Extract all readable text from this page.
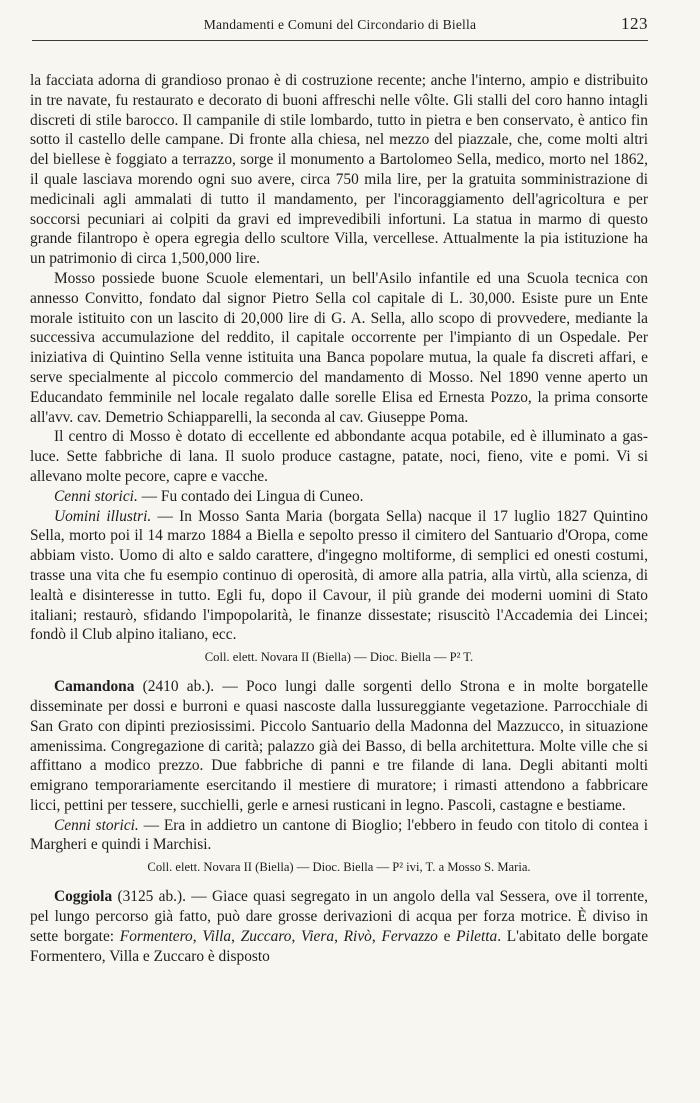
Mandamenti e Comuni del Circondario di Biella	123

la facciata adorna di grandioso pronao è di costruzione recente; anche l'interno, ampio e distribuito in tre navate, fu restaurato e decorato di buoni affreschi nelle vôlte. Gli stalli del coro hanno intagli discreti di stile barocco. Il campanile di stile lombardo, tutto in pietra e ben conservato, è antico fin sotto il castello delle campane. Di fronte alla chiesa, nel mezzo del piazzale, che, come molti altri del biellese è foggiato a terrazzo, sorge il monumento a Bartolomeo Sella, medico, morto nel 1862, il quale lasciava morendo ogni suo avere, circa 750 mila lire, per la gratuita somministrazione di medicinali agli ammalati di tutto il mandamento, per l'incoraggiamento dell'agricoltura e per soccorsi pecuniari ai colpiti da gravi ed imprevedibili infortuni. La statua in marmo di questo grande filantropo è opera egregia dello scultore Villa, vercellese. Attualmente la pia istituzione ha un patrimonio di circa 1,500,000 lire.

Mosso possiede buone Scuole elementari, un bell'Asilo infantile ed una Scuola tecnica con annesso Convitto, fondato dal signor Pietro Sella col capitale di L. 30,000. Esiste pure un Ente morale istituito con un lascito di 20,000 lire di G. A. Sella, allo scopo di provvedere, mediante la successiva accumulazione del reddito, il capitale occorrente per l'impianto di un Ospedale. Per iniziativa di Quintino Sella venne istituita una Banca popolare mutua, la quale fa discreti affari, e serve specialmente al piccolo commercio del mandamento di Mosso. Nel 1890 venne aperto un Educandato femminile nel locale regalato dalle sorelle Elisa ed Ernesta Pozzo, la prima consorte all'avv. cav. Demetrio Schiapparelli, la seconda al cav. Giuseppe Poma.

Il centro di Mosso è dotato di eccellente ed abbondante acqua potabile, ed è illuminato a gas-luce. Sette fabbriche di lana. Il suolo produce castagne, patate, noci, fieno, vite e pomi. Vi si allevano molte pecore, capre e vacche.

Cenni storici. — Fu contado dei Lingua di Cuneo.

Uomini illustri. — In Mosso Santa Maria (borgata Sella) nacque il 17 luglio 1827 Quintino Sella, morto poi il 14 marzo 1884 a Biella e sepolto presso il cimitero del Santuario d'Oropa, come abbiam visto. Uomo di alto e saldo carattere, d'ingegno moltiforme, di semplici ed onesti costumi, trasse una vita che fu esempio continuo di operosità, di amore alla patria, alla virtù, alla scienza, di lealtà e disinteresse in tutto. Egli fu, dopo il Cavour, il più grande dei moderni uomini di Stato italiani; restaurò, sfidando l'impopolarità, le finanze dissestate; risuscitò l'Accademia dei Lincei; fondò il Club alpino italiano, ecc.

Coll. elett. Novara II (Biella) — Dioc. Biella — P² T.

Camandona (2410 ab.). — Poco lungi dalle sorgenti dello Strona e in molte borgatelle disseminate per dossi e burroni e quasi nascoste dalla lussureggiante vegetazione. Parrocchiale di San Grato con dipinti preziosissimi. Piccolo Santuario della Madonna del Mazzucco, in situazione amenissima. Congregazione di carità; palazzo già dei Basso, di bella architettura. Molte ville che si affittano a modico prezzo. Due fabbriche di panni e tre filande di lana. Degli abitanti molti emigrano temporariamente esercitando il mestiere di muratore; i rimasti attendono a fabbricare licci, pettini per tessere, succhielli, gerle e arnesi rusticani in legno. Pascoli, castagne e bestiame.

Cenni storici. — Era in addietro un cantone di Bioglio; l'ebbero in feudo con titolo di contea i Margheri e quindi i Marchisi.

Coll. elett. Novara II (Biella) — Dioc. Biella — P² ivi, T. a Mosso S. Maria.

Coggiola (3125 ab.). — Giace quasi segregato in un angolo della val Sessera, ove il torrente, pel lungo percorso già fatto, può dare grosse derivazioni di acqua per forza motrice. È diviso in sette borgate: Formentero, Villa, Zuccaro, Viera, Rivò, Fervazzo e Piletta. L'abitato delle borgate Formentero, Villa e Zuccaro è disposto
